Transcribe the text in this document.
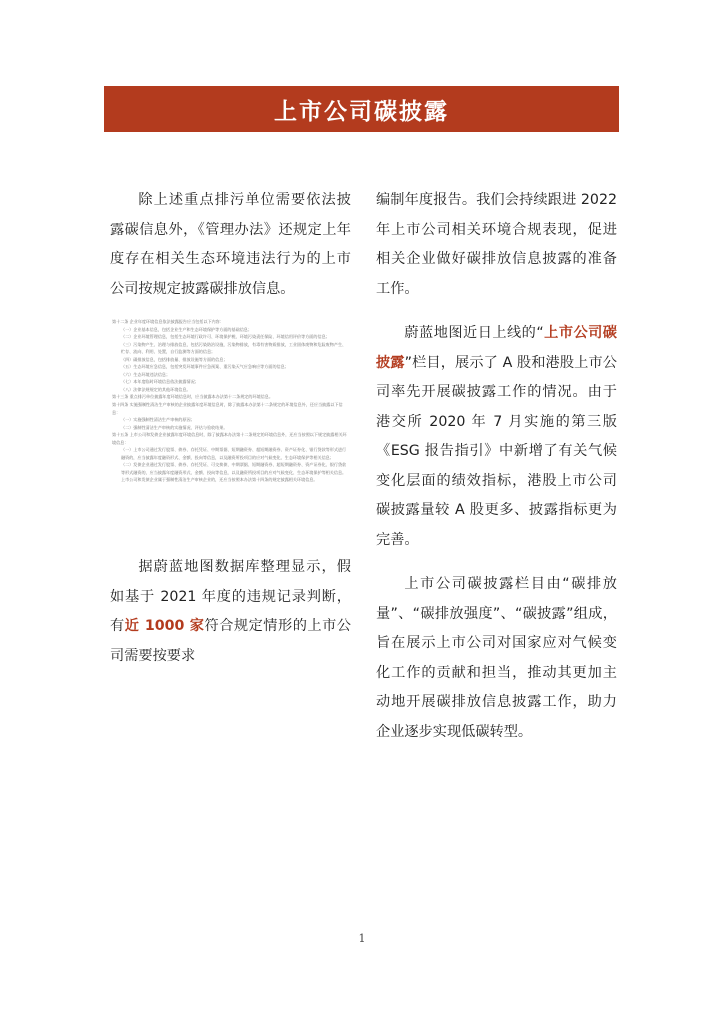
上市公司碳披露

除上述重点排污单位需要依法披露碳信息外，《管理办法》还规定上年度存在相关生态环境违法行为的上市公司按规定披露碳排放信息。

第十二条 企业年度环境信息依法披露报告应当包括以下内容：
（一）企业基本信息，包括企业生产和生态环境保护等方面的基础信息；
（二）企业环境管理信息，包括生态环境行政许可、环境保护税、环境污染责任保险、环境信用评价等方面的信息；
（三）污染物产生、治理与排放信息，包括污染防治设施，污染物排放，有毒有害物质排放，工业固体废物和危险废物产生、贮存、流向、利用、处置，自行监测等方面的信息；
（四）碳排放信息，包括排放量、排放设施等方面的信息；
（五）生态环境应急信息，包括突发环境事件应急预案、重污染天气应急响应等方面的信息；
（六）生态环境违法信息；
（七）本年度临时环境信息依法披露情况；
（八）法律法规规定的其他环境信息。
第十三条 重点排污单位披露年度环境信息时，应当披露本办法第十二条规定的环境信息。
第十四条 实施强制性清洁生产审核的企业披露年度环境信息时，除了披露本办法第十二条规定的环境信息外，还应当披露以下信息：
（一）实施强制性清洁生产审核的原因；
（二）强制性清洁生产审核的实施情况、评估与验收结果。
第十五条 上市公司和发债企业披露年度环境信息时，除了披露本办法第十二条规定的环境信息外，还应当按照以下规定披露相关环境信息：
（一）上市公司通过发行股票、债券、存托凭证、中期票据、短期融资券、超短期融资券、资产证券化、银行贷款等形式进行融资的，应当披露年度融资形式、金额、投向等信息，以及融资所投项目的应对气候变化、生态环境保护等相关信息；
（二）发债企业通过发行股票、债券、存托凭证、可交换债、中期票据、短期融资券、超短期融资券、资产证券化、银行贷款等形式融资的，应当披露年度融资形式、金额、投向等信息，以及融资所投项目的应对气候变化、生态环境保护等相关信息。
上市公司和发债企业属于强制性清洁生产审核企业的，还应当按照本办法第十四条的规定披露相关环境信息。

据蔚蓝地图数据库整理显示，假如基于 2021 年度的违规记录判断，有近 1000 家符合规定情形的上市公司需要按要求

编制年度报告。我们会持续跟进 2022 年上市公司相关环境合规表现，促进相关企业做好碳排放信息披露的准备工作。

蔚蓝地图近日上线的“上市公司碳披露”栏目，展示了 A 股和港股上市公司率先开展碳披露工作的情况。由于港交所 2020 年 7 月实施的第三版《ESG 报告指引》中新增了有关气候变化层面的绩效指标，港股上市公司碳披露量较 A 股更多、披露指标更为完善。

上市公司碳披露栏目由“碳排放量”、“碳排放强度”、“碳披露”组成，旨在展示上市公司对国家应对气候变化工作的贡献和担当，推动其更加主动地开展碳排放信息披露工作，助力企业逐步实现低碳转型。

1
